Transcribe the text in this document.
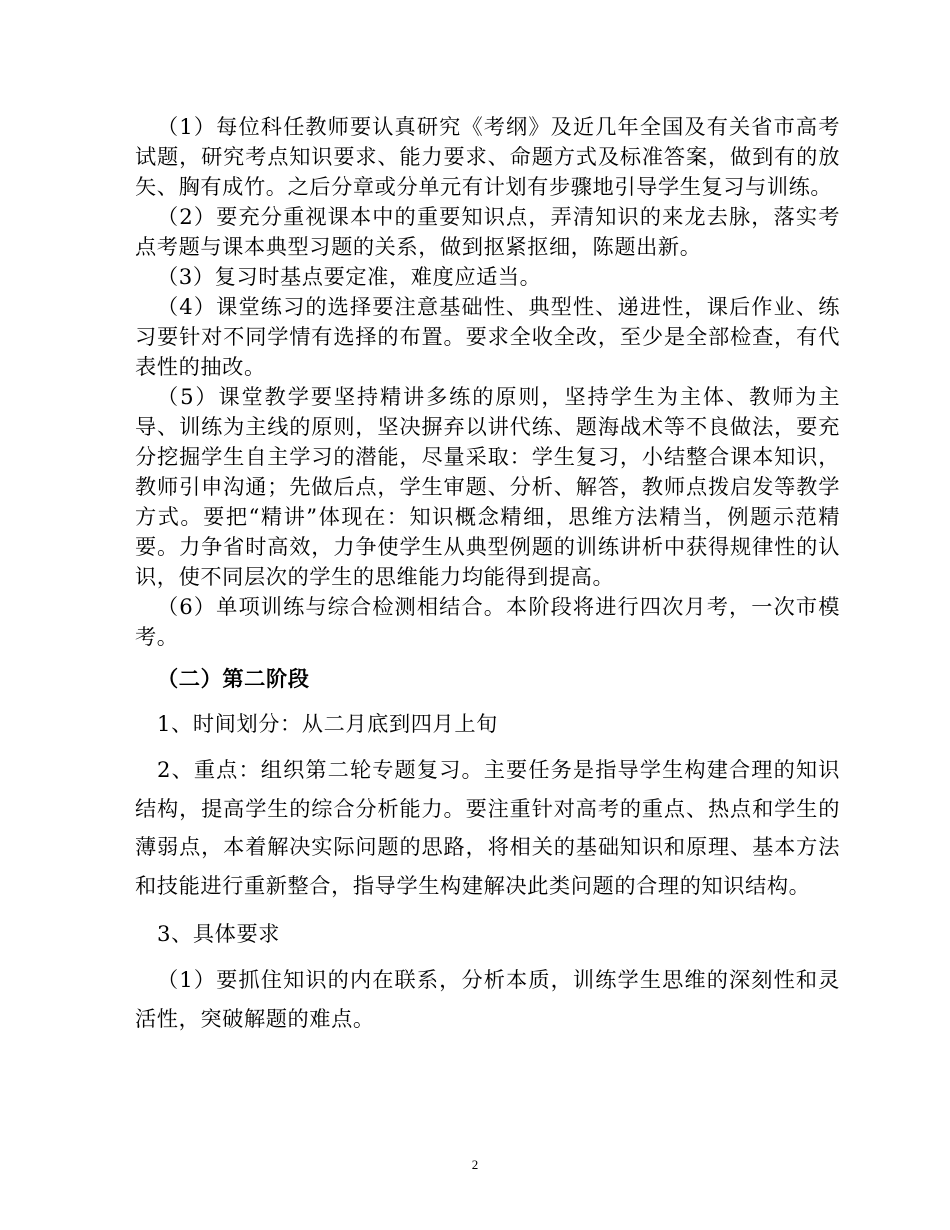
（1）每位科任教师要认真研究《考纲》及近几年全国及有关省市高考试题，研究考点知识要求、能力要求、命题方式及标准答案，做到有的放矢、胸有成竹。之后分章或分单元有计划有步骤地引导学生复习与训练。

（2）要充分重视课本中的重要知识点，弄清知识的来龙去脉，落实考点考题与课本典型习题的关系，做到抠紧抠细，陈题出新。

（3）复习时基点要定准，难度应适当。

（4）课堂练习的选择要注意基础性、典型性、递进性，课后作业、练习要针对不同学情有选择的布置。要求全收全改，至少是全部检查，有代表性的抽改。

（5）课堂教学要坚持精讲多练的原则，坚持学生为主体、教师为主导、训练为主线的原则，坚决摒弃以讲代练、题海战术等不良做法，要充分挖掘学生自主学习的潜能，尽量采取：学生复习，小结整合课本知识，教师引申沟通；先做后点，学生审题、分析、解答，教师点拨启发等教学方式。要把“精讲”体现在：知识概念精细，思维方法精当，例题示范精要。力争省时高效，力争使学生从典型例题的训练讲析中获得规律性的认识，使不同层次的学生的思维能力均能得到提高。

（6）单项训练与综合检测相结合。本阶段将进行四次月考，一次市模考。

（二）第二阶段

1、时间划分：从二月底到四月上旬

2、重点：组织第二轮专题复习。主要任务是指导学生构建合理的知识结构，提高学生的综合分析能力。要注重针对高考的重点、热点和学生的薄弱点，本着解决实际问题的思路，将相关的基础知识和原理、基本方法和技能进行重新整合，指导学生构建解决此类问题的合理的知识结构。

3、具体要求

（1）要抓住知识的内在联系，分析本质，训练学生思维的深刻性和灵活性，突破解题的难点。

2
